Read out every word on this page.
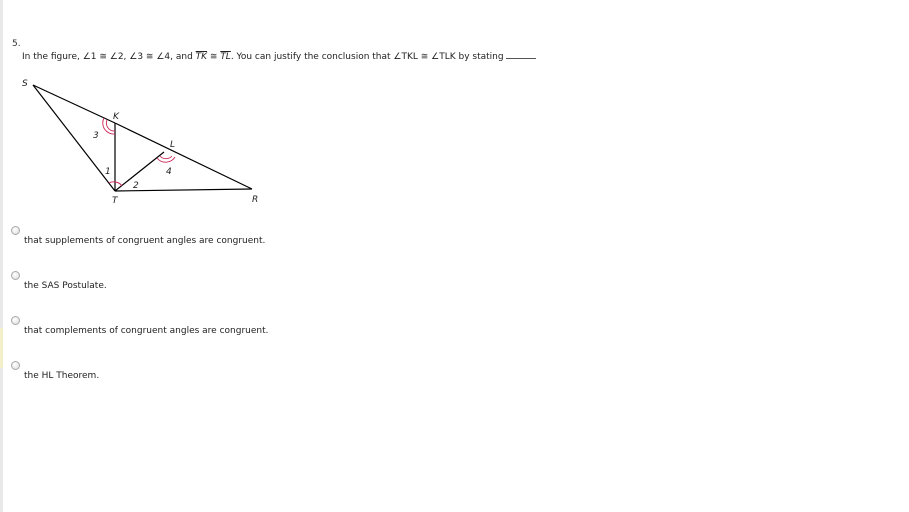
5.
In the figure, ∠1 ≅ ∠2, ∠3 ≅ ∠4, and $\overline{TK}$ ≅ $\overline{TL}$. You can justify the conclusion that ∠TKL ≅ ∠TLK by stating
S
K
L
T	R
3
1
2
4
that supplements of congruent angles are congruent.
the SAS Postulate.
that complements of congruent angles are congruent.
the HL Theorem.
